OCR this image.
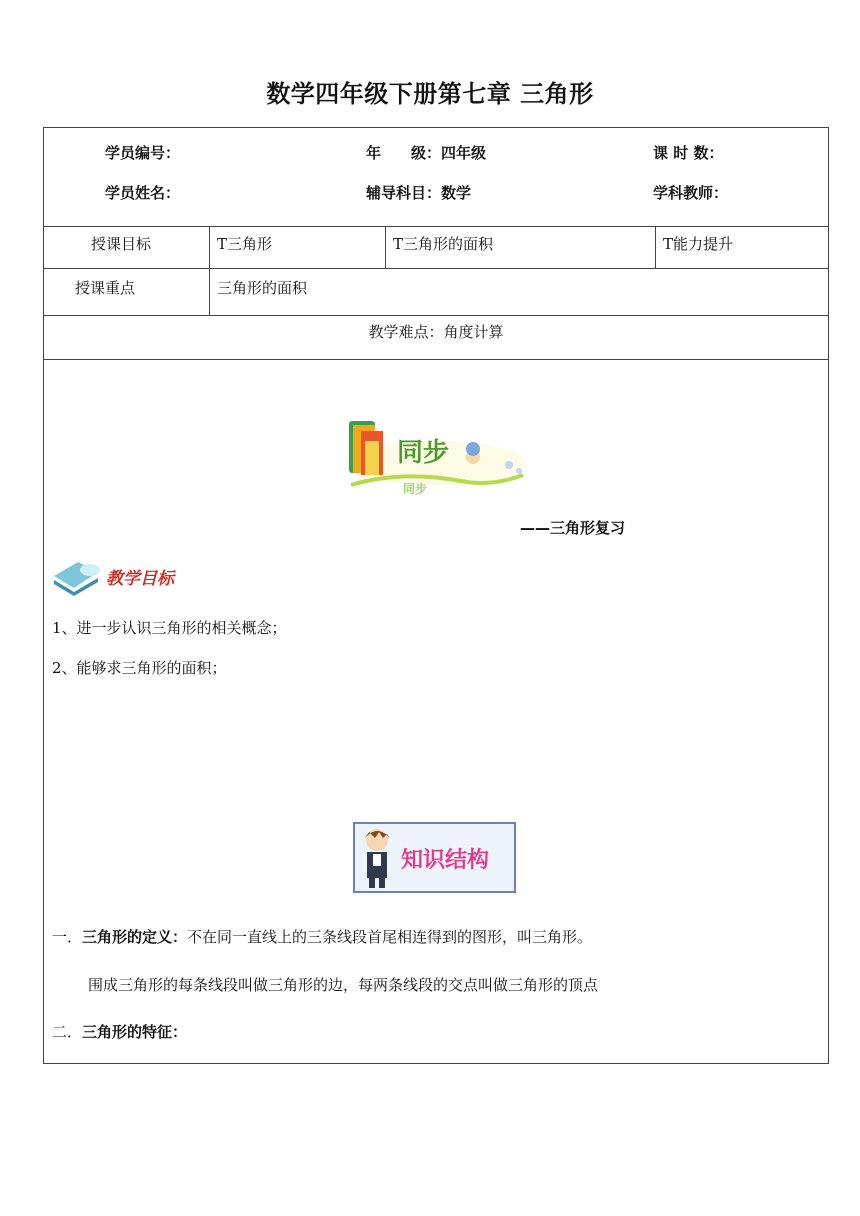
数学四年级下册第七章 三角形
学员编号：	年　　级：四年级	课 时 数：
学员姓名：	辅导科目：数学	学科教师：
授课目标	T三角形	T三角形的面积	T能力提升
授课重点	三角形的面积
教学难点：角度计算
同步
同步
——三角形复习
教学目标
1、进一步认识三角形的相关概念；
2、能够求三角形的面积；
知识结构
一．三角形的定义：不在同一直线上的三条线段首尾相连得到的图形，叫三角形。
围成三角形的每条线段叫做三角形的边，每两条线段的交点叫做三角形的顶点
二．三角形的特征：
